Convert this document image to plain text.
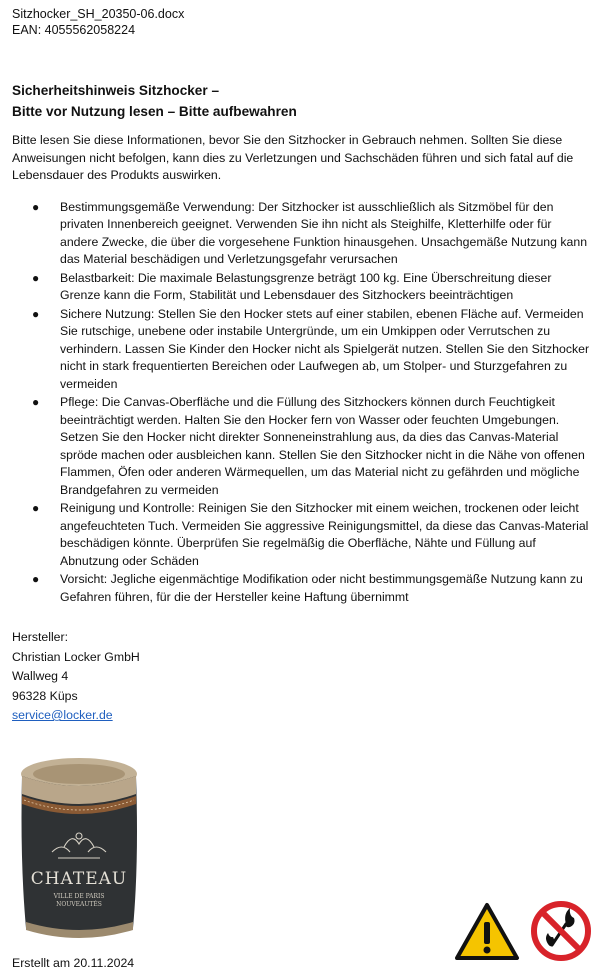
Sitzhocker_SH_20350-06.docx
EAN: 4055562058224
Sicherheitshinweis Sitzhocker –
Bitte vor Nutzung lesen – Bitte aufbewahren
Bitte lesen Sie diese Informationen, bevor Sie den Sitzhocker in Gebrauch nehmen. Sollten Sie diese Anweisungen nicht befolgen, kann dies zu Verletzungen und Sachschäden führen und sich fatal auf die Lebensdauer des Produkts auswirken.
● Bestimmungsgemäße Verwendung: Der Sitzhocker ist ausschließlich als Sitzmöbel für den privaten Innenbereich geeignet. Verwenden Sie ihn nicht als Steighilfe, Kletterhilfe oder für andere Zwecke, die über die vorgesehene Funktion hinausgehen. Unsachgemäße Nutzung kann das Material beschädigen und Verletzungsgefahr verursachen
● Belastbarkeit: Die maximale Belastungsgrenze beträgt 100 kg. Eine Überschreitung dieser Grenze kann die Form, Stabilität und Lebensdauer des Sitzhockers beeinträchtigen
● Sichere Nutzung: Stellen Sie den Hocker stets auf einer stabilen, ebenen Fläche auf. Vermeiden Sie rutschige, unebene oder instabile Untergründe, um ein Umkippen oder Verrutschen zu verhindern. Lassen Sie Kinder den Hocker nicht als Spielgerät nutzen. Stellen Sie den Sitzhocker nicht in stark frequentierten Bereichen oder Laufwegen ab, um Stolper- und Sturzgefahren zu vermeiden
● Pflege: Die Canvas-Oberfläche und die Füllung des Sitzhockers können durch Feuchtigkeit beeinträchtigt werden. Halten Sie den Hocker fern von Wasser oder feuchten Umgebungen. Setzen Sie den Hocker nicht direkter Sonneneinstrahlung aus, da dies das Canvas-Material spröde machen oder ausbleichen kann. Stellen Sie den Sitzhocker nicht in die Nähe von offenen Flammen, Öfen oder anderen Wärmequellen, um das Material nicht zu gefährden und mögliche Brandgefahren zu vermeiden
● Reinigung und Kontrolle: Reinigen Sie den Sitzhocker mit einem weichen, trockenen oder leicht angefeuchteten Tuch. Vermeiden Sie aggressive Reinigungsmittel, da diese das Canvas-Material beschädigen könnte. Überprüfen Sie regelmäßig die Oberfläche, Nähte und Füllung auf Abnutzung oder Schäden
● Vorsicht: Jegliche eigenmächtige Modifikation oder nicht bestimmungsgemäße Nutzung kann zu Gefahren führen, für die der Hersteller keine Haftung übernimmt
Hersteller:
Christian Locker GmbH
Wallweg 4
96328 Küps
service@locker.de
CHATEAU
VILLE DE PARIS
NOUVEAUTÉS
Erstellt am 20.11.2024
